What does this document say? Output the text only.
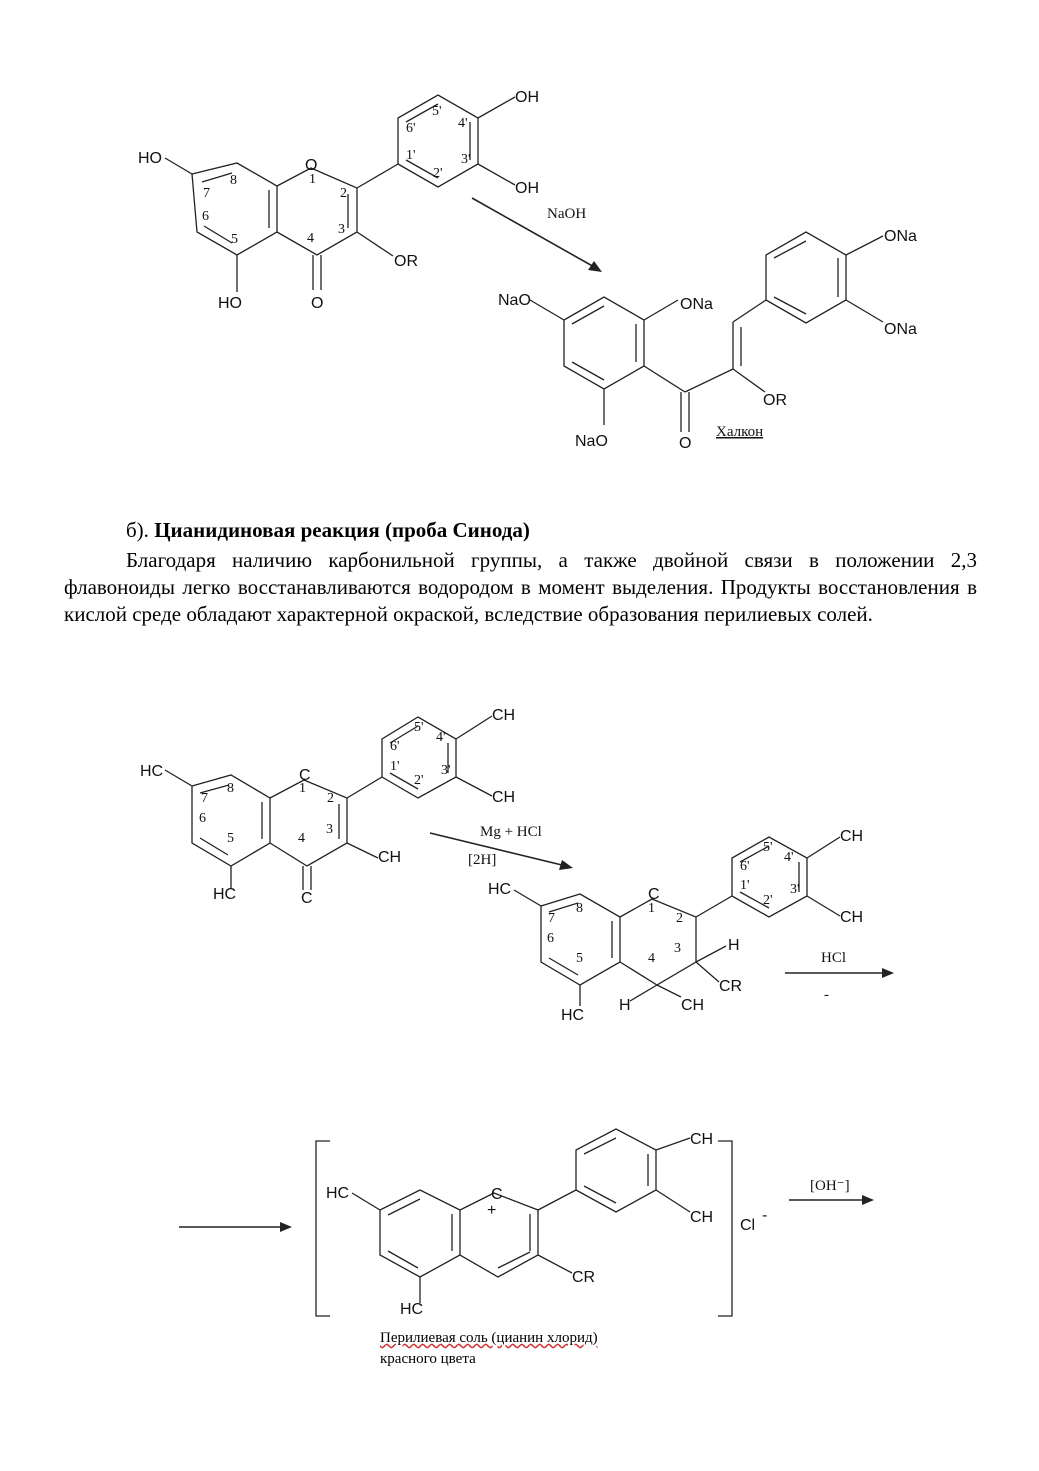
HO
HO
OH
OH
O
O
OR
1
2
3
4
5
6
7
8
1'
2'
3'
4'
5'
6'
NaOH
NaO	ONa
NaO
ONa
ONa
O
OR
Халкон
HC
HC
CH
CH
C
C
CH
1
2
3
4
5
6
7
8
1'
2'
3'
4'
5'
6'
Mg + HCl
[2H]
HC
HC
C
CH
CH
H
H	CH
CR
1
2
3
4
5
6
7
8
1'
2'
3'
4'
5'
6'
HCl
-
HC
HC
C
+
CH
CH
CR
Cl
-
[OH⁻]
б). Цианидиновая реакция (проба Синода)
Благодаря наличию карбонильной группы, а также двойной связи в положении 2,3 флавоноиды легко восстанавливаются водородом в момент выделения. Продукты восстановления в кислой среде обладают характерной окраской, вследствие образования перилиевых солей.
Перилиевая соль (цианин хлорид)
красного цвета
